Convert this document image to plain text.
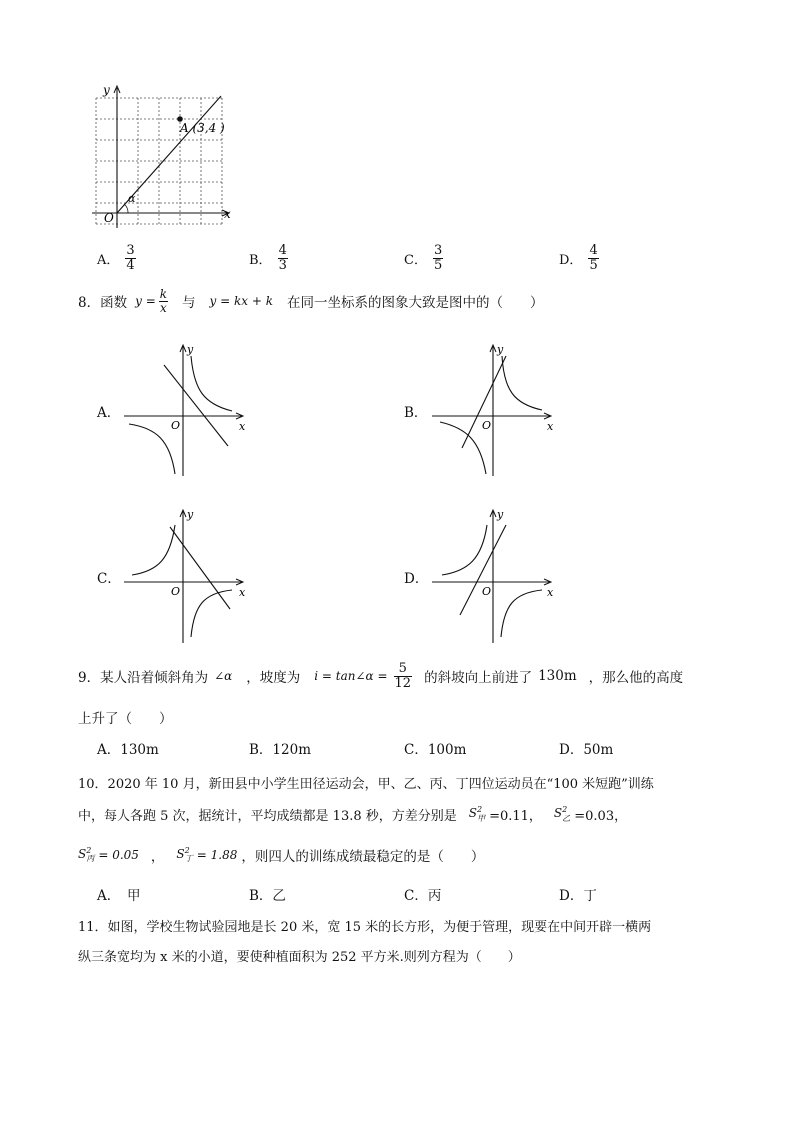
y
x
O
A (3,4 )
α
A． $\frac{3}{4}$	B． $\frac{4}{3}$	C． $\frac{3}{5}$	D． $\frac{4}{5}$
8．函数 $y = \frac{k}{x}$ 与 y = kx + k 在同一坐标系的图象大致是图中的（　　）
A．
y
x
O
B．
y
x
O
C．
y
x
O
D．
y
x
O
9．某人沿着倾斜角为 ∠α ，坡度为 i = tan∠α = $\frac{5}{12}$ 的斜坡向上前进了 130m ，那么他的高度
上升了（　　）
A．130m	B．120m	C．100m	D．50m
10．2020 年 10 月，新田县中小学生田径运动会，甲、乙、丙、丁四位运动员在“100 米短跑”训练
中，每人各跑 5 次，据统计，平均成绩都是 13.8 秒，方差分别是 $S^2_甲 =0.11$， $S^2_乙 =0.03$，
$S^2_丙 = 0.05$ ， $S^2_丁 = 1.88$ ，则四人的训练成绩最稳定的是（　　）
A．　甲	B．乙	C．丙	D．丁
11．如图，学校生物试验园地是长 20 米，宽 15 米的长方形，为便于管理，现要在中间开辟一横两
纵三条宽均为 x 米的小道，要使种植面积为 252 平方米.则列方程为（　　）
